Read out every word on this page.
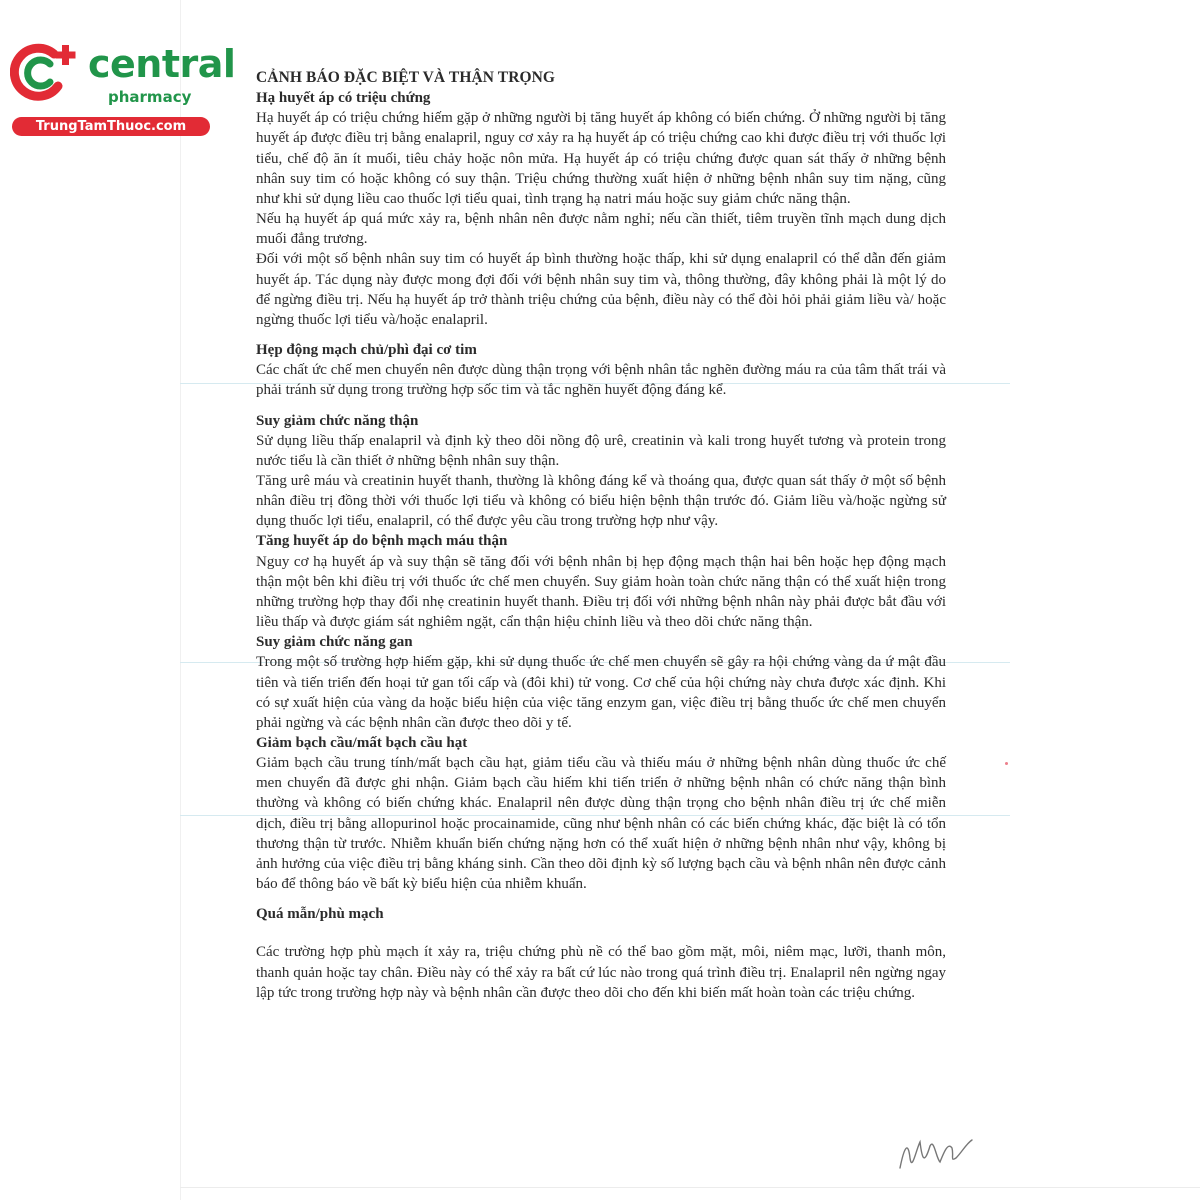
central
pharmacy
TrungTamThuoc.com

CẢNH BÁO ĐẶC BIỆT VÀ THẬN TRỌNG

Hạ huyết áp có triệu chứng

Hạ huyết áp có triệu chứng hiếm gặp ở những người bị tăng huyết áp không có biến chứng. Ở những người bị tăng huyết áp được điều trị bằng enalapril, nguy cơ xảy ra hạ huyết áp có triệu chứng cao khi được điều trị với thuốc lợi tiểu, chế độ ăn ít muối, tiêu chảy hoặc nôn mửa. Hạ huyết áp có triệu chứng được quan sát thấy ở những bệnh nhân suy tim có hoặc không có suy thận. Triệu chứng thường xuất hiện ở những bệnh nhân suy tim nặng, cũng như khi sử dụng liều cao thuốc lợi tiểu quai, tình trạng hạ natri máu hoặc suy giảm chức năng thận.

Nếu hạ huyết áp quá mức xảy ra, bệnh nhân nên được nằm nghỉ; nếu cần thiết, tiêm truyền tĩnh mạch dung dịch muối đẳng trương.

Đối với một số bệnh nhân suy tim có huyết áp bình thường hoặc thấp, khi sử dụng enalapril có thể dẫn đến giảm huyết áp. Tác dụng này được mong đợi đối với bệnh nhân suy tim và, thông thường, đây không phải là một lý do để ngừng điều trị. Nếu hạ huyết áp trở thành triệu chứng của bệnh, điều này có thể đòi hỏi phải giảm liều và/ hoặc ngừng thuốc lợi tiểu và/hoặc enalapril.

Hẹp động mạch chủ/phì đại cơ tim

Các chất ức chế men chuyển nên được dùng thận trọng với bệnh nhân tắc nghẽn đường máu ra của tâm thất trái và phải tránh sử dụng trong trường hợp sốc tim và tắc nghẽn huyết động đáng kể.

Suy giảm chức năng thận

Sử dụng liều thấp enalapril và định kỳ theo dõi nồng độ urê, creatinin và kali trong huyết tương và protein trong nước tiểu là cần thiết ở những bệnh nhân suy thận.

Tăng urê máu và creatinin huyết thanh, thường là không đáng kể và thoáng qua, được quan sát thấy ở một số bệnh nhân điều trị đồng thời với thuốc lợi tiểu và không có biểu hiện bệnh thận trước đó. Giảm liều và/hoặc ngừng sử dụng thuốc lợi tiểu, enalapril, có thể được yêu cầu trong trường hợp như vậy.

Tăng huyết áp do bệnh mạch máu thận

Nguy cơ hạ huyết áp và suy thận sẽ tăng đối với bệnh nhân bị hẹp động mạch thận hai bên hoặc hẹp động mạch thận một bên khi điều trị với thuốc ức chế men chuyển. Suy giảm hoàn toàn chức năng thận có thể xuất hiện trong những trường hợp thay đổi nhẹ creatinin huyết thanh. Điều trị đối với những bệnh nhân này phải được bắt đầu với liều thấp và được giám sát nghiêm ngặt, cẩn thận hiệu chỉnh liều và theo dõi chức năng thận.

Suy giảm chức năng gan

Trong một số trường hợp hiếm gặp, khi sử dụng thuốc ức chế men chuyển sẽ gây ra hội chứng vàng da ứ mật đầu tiên và tiến triển đến hoại tử gan tối cấp và (đôi khi) tử vong. Cơ chế của hội chứng này chưa được xác định. Khi có sự xuất hiện của vàng da hoặc biểu hiện của việc tăng enzym gan, việc điều trị bằng thuốc ức chế men chuyển phải ngừng và các bệnh nhân cần được theo dõi y tế.

Giảm bạch cầu/mất bạch cầu hạt

Giảm bạch cầu trung tính/mất bạch cầu hạt, giảm tiểu cầu và thiếu máu ở những bệnh nhân dùng thuốc ức chế men chuyển đã được ghi nhận. Giảm bạch cầu hiếm khi tiến triển ở những bệnh nhân có chức năng thận bình thường và không có biến chứng khác. Enalapril nên được dùng thận trọng cho bệnh nhân điều trị ức chế miễn dịch, điều trị bằng allopurinol hoặc procainamide, cũng như bệnh nhân có các biến chứng khác, đặc biệt là có tổn thương thận từ trước. Nhiễm khuẩn biến chứng nặng hơn có thể xuất hiện ở những bệnh nhân như vậy, không bị ảnh hưởng của việc điều trị bằng kháng sinh. Cần theo dõi định kỳ số lượng bạch cầu và bệnh nhân nên được cảnh báo để thông báo về bất kỳ biểu hiện của nhiễm khuẩn.

Quá mẫn/phù mạch

Các trường hợp phù mạch ít xảy ra, triệu chứng phù nề có thể bao gồm mặt, môi, niêm mạc, lưỡi, thanh môn, thanh quản hoặc tay chân. Điều này có thể xảy ra bất cứ lúc nào trong quá trình điều trị. Enalapril nên ngừng ngay lập tức trong trường hợp này và bệnh nhân cần được theo dõi cho đến khi biến mất hoàn toàn các triệu chứng.
